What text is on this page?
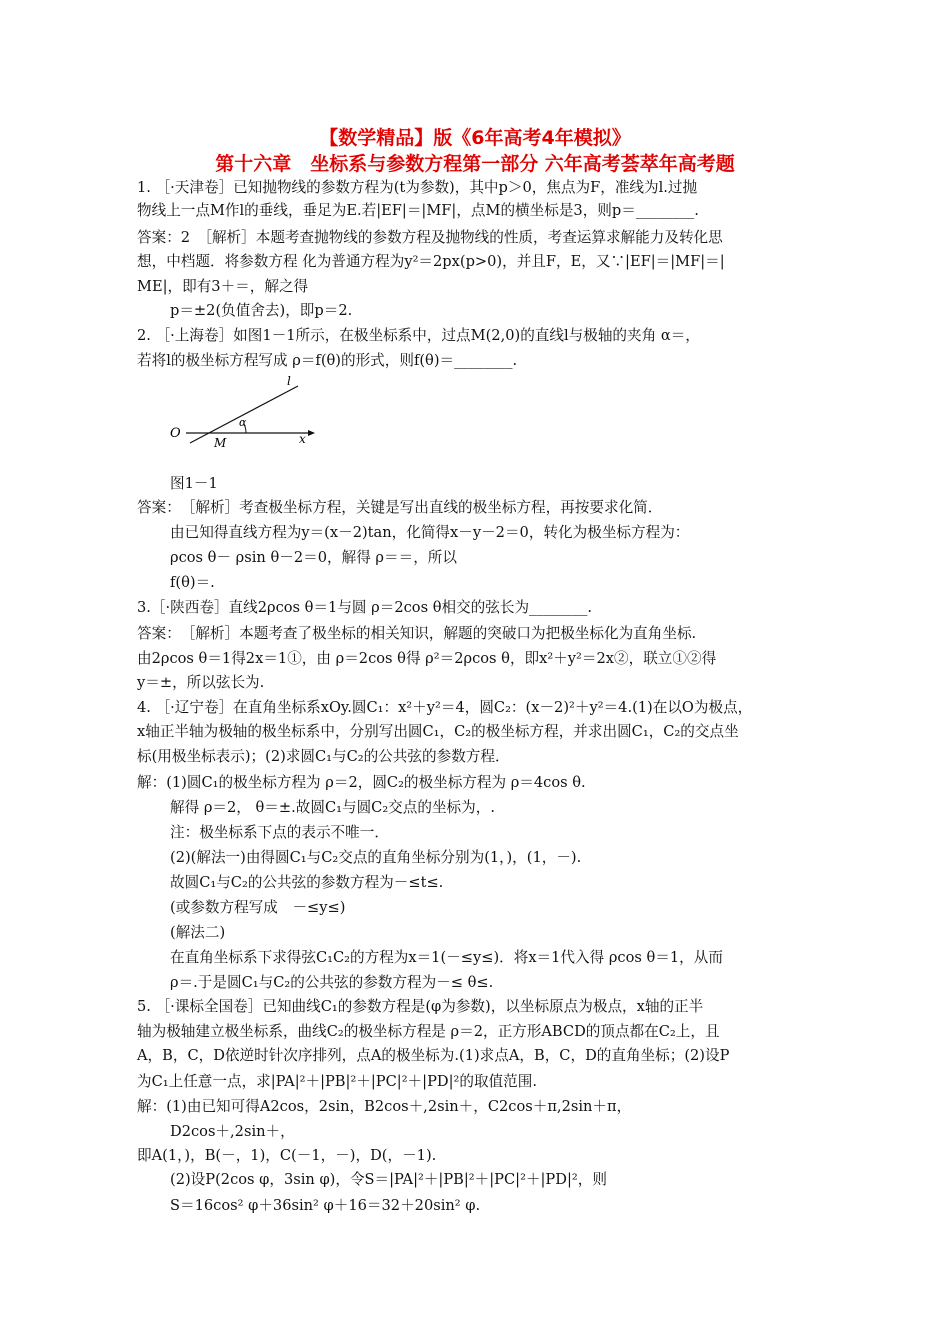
【数学精品】版《6年高考4年模拟》
第十六章　坐标系与参数方程第一部分 六年高考荟萃年高考题
1. ［·天津卷］已知抛物线的参数方程为(t为参数)，其中p＞0，焦点为F，准线为l.过抛
物线上一点M作l的垂线，垂足为E.若|EF|＝|MF|，点M的横坐标是3，则p＝________.
答案：2　［解析］本题考查抛物线的参数方程及抛物线的性质，考查运算求解能力及转化思
想，中档题．将参数方程 化为普通方程为y²＝2px(p>0)，并且F，E，又∵|EF|＝|MF|＝|
ME|，即有3＋＝，解之得
p＝±2(负值舍去)，即p＝2.
2. ［·上海卷］如图1－1所示，在极坐标系中，过点M(2,0)的直线l与极轴的夹角 α＝，
若将l的极坐标方程写成 ρ＝f(θ)的形式，则f(θ)＝________.
O
M
l
α
x
图1－1
答案：　［解析］考查极坐标方程，关键是写出直线的极坐标方程，再按要求化简．
由已知得直线方程为y＝(x－2)tan，化简得x－y－2＝0，转化为极坐标方程为：
ρcos θ－ ρsin θ－2＝0，解得 ρ＝＝，所以
f(θ)＝.
3.［·陕西卷］直线2ρcos θ＝1与圆 ρ＝2cos θ相交的弦长为________.
答案：　［解析］本题考查了极坐标的相关知识，解题的突破口为把极坐标化为直角坐标.
由2ρcos θ＝1得2x＝1①，由 ρ＝2cos θ得 ρ²＝2ρcos θ，即x²＋y²＝2x②，联立①②得
y＝±，所以弦长为.
4. ［·辽宁卷］在直角坐标系xOy.圆C₁：x²＋y²＝4，圆C₂：(x－2)²＋y²＝4.(1)在以O为极点，
x轴正半轴为极轴的极坐标系中，分别写出圆C₁，C₂的极坐标方程，并求出圆C₁，C₂的交点坐
标(用极坐标表示)；(2)求圆C₁与C₂的公共弦的参数方程．
解：(1)圆C₁的极坐标方程为 ρ＝2，圆C₂的极坐标方程为 ρ＝4cos θ.
解得 ρ＝2， θ＝±.故圆C₁与圆C₂交点的坐标为，.
注：极坐标系下点的表示不唯一．
(2)(解法一)由得圆C₁与C₂交点的直角坐标分别为(1，)，(1，－).
故圆C₁与C₂的公共弦的参数方程为－≤t≤.
(或参数方程写成　－≤y≤)
(解法二)
在直角坐标系下求得弦C₁C₂的方程为x＝1(－≤y≤)．将x＝1代入得 ρcos θ＝1，从而
ρ＝.于是圆C₁与C₂的公共弦的参数方程为－≤ θ≤.
5. ［·课标全国卷］已知曲线C₁的参数方程是(φ为参数)，以坐标原点为极点，x轴的正半
轴为极轴建立极坐标系，曲线C₂的极坐标方程是 ρ＝2，正方形ABCD的顶点都在C₂上，且
A，B，C，D依逆时针次序排列，点A的极坐标为.(1)求点A，B，C，D的直角坐标；(2)设P
为C₁上任意一点，求|PA|²＋|PB|²＋|PC|²＋|PD|²的取值范围.
解：(1)由已知可得A2cos，2sin，B2cos＋,2sin＋，C2cos＋π,2sin＋π，
D2cos＋,2sin＋，
即A(1，)，B(－，1)，C(－1，－)，D(，－1).
(2)设P(2cos φ，3sin φ)，令S＝|PA|²＋|PB|²＋|PC|²＋|PD|²，则
S＝16cos² φ＋36sin² φ＋16＝32＋20sin² φ.
